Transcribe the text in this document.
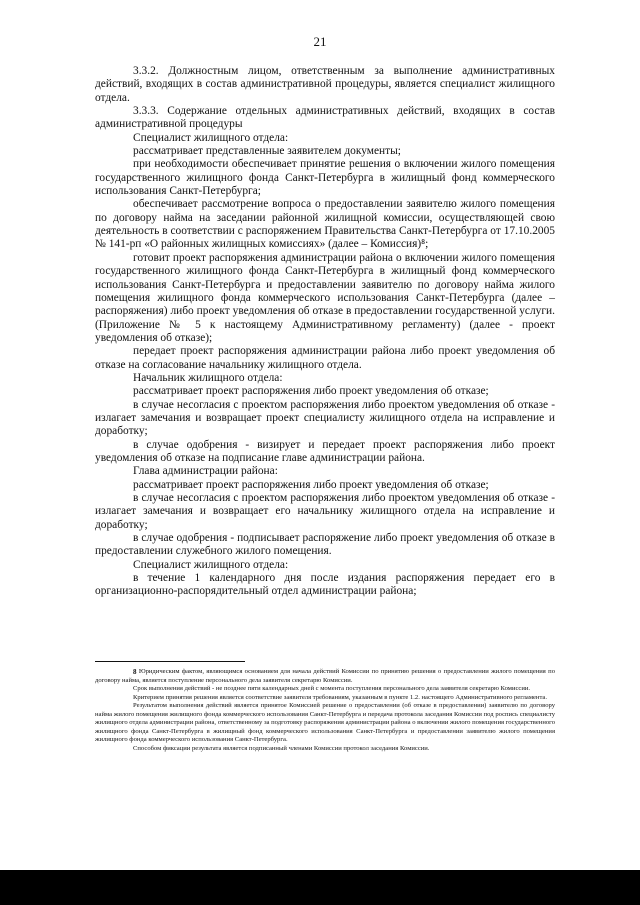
21

3.3.2. Должностным лицом, ответственным за выполнение административных действий, входящих в состав административной процедуры, является специалист жилищного отдела.

3.3.3. Содержание отдельных административных действий, входящих в состав административной процедуры

Специалист жилищного отдела:

рассматривает представленные заявителем документы;

при необходимости обеспечивает принятие решения о включении жилого помещения государственного жилищного фонда Санкт-Петербурга в жилищный фонд коммерческого использования Санкт-Петербурга;

обеспечивает рассмотрение вопроса о предоставлении заявителю жилого помещения по договору найма на заседании районной жилищной комиссии, осуществляющей свою деятельность в соответствии с распоряжением Правительства Санкт-Петербурга от 17.10.2005 № 141-рп «О районных жилищных комиссиях» (далее – Комиссия)⁸;

готовит проект распоряжения администрации района о включении жилого помещения государственного жилищного фонда Санкт-Петербурга в жилищный фонд коммерческого использования Санкт-Петербурга и предоставлении заявителю по договору найма жилого помещения жилищного фонда коммерческого использования Санкт-Петербурга (далее – распоряжения) либо проект уведомления об отказе в предоставлении государственной услуги. (Приложение № 5 к настоящему Административному регламенту) (далее - проект уведомления об отказе);

передает проект распоряжения администрации района либо проект уведомления об отказе на согласование начальнику жилищного отдела.

Начальник жилищного отдела:

рассматривает проект распоряжения либо проект уведомления об отказе;

в случае несогласия с проектом распоряжения либо проектом уведомления об отказе - излагает замечания и возвращает проект специалисту жилищного отдела на исправление и доработку;

в случае одобрения - визирует и передает проект распоряжения либо проект уведомления об отказе на подписание главе администрации района.

Глава администрации района:

рассматривает проект распоряжения либо проект уведомления об отказе;

в случае несогласия с проектом распоряжения либо проектом уведомления об отказе - излагает замечания и возвращает его начальнику жилищного отдела на исправление и доработку;

в случае одобрения - подписывает распоряжение либо проект уведомления об отказе в предоставлении служебного жилого помещения.

Специалист жилищного отдела:

в течение 1 календарного дня после издания распоряжения передает его в организационно-распорядительный отдел администрации района;

8 Юридическим фактом, являющимся основанием для начала действий Комиссии по принятию решения о предоставлении жилого помещения по договору найма, является поступление персонального дела заявителя секретарю Комиссии.

Срок выполнения действий - не позднее пяти календарных дней с момента поступления персонального дела заявителя секретарю Комиссии.

Критерием принятия решения является соответствие заявителя требованиям, указанным в пункте 1.2. настоящего Административного регламента.

Результатом выполнения действий является принятое Комиссией решение о предоставлении (об отказе в предоставлении) заявителю по договору найма жилого помещения жилищного фонда коммерческого использования Санкт-Петербурга и передача протокола заседания Комиссии под роспись специалисту жилищного отдела администрации района, ответственному за подготовку распоряжения администрации района о включении жилого помещения государственного жилищного фонда Санкт-Петербурга в жилищный фонд коммерческого использования Санкт-Петербурга и предоставлении заявителю жилого помещения жилищного фонда коммерческого использования Санкт-Петербурга.

Способом фиксации результата является подписанный членами Комиссии протокол заседания Комиссии.
